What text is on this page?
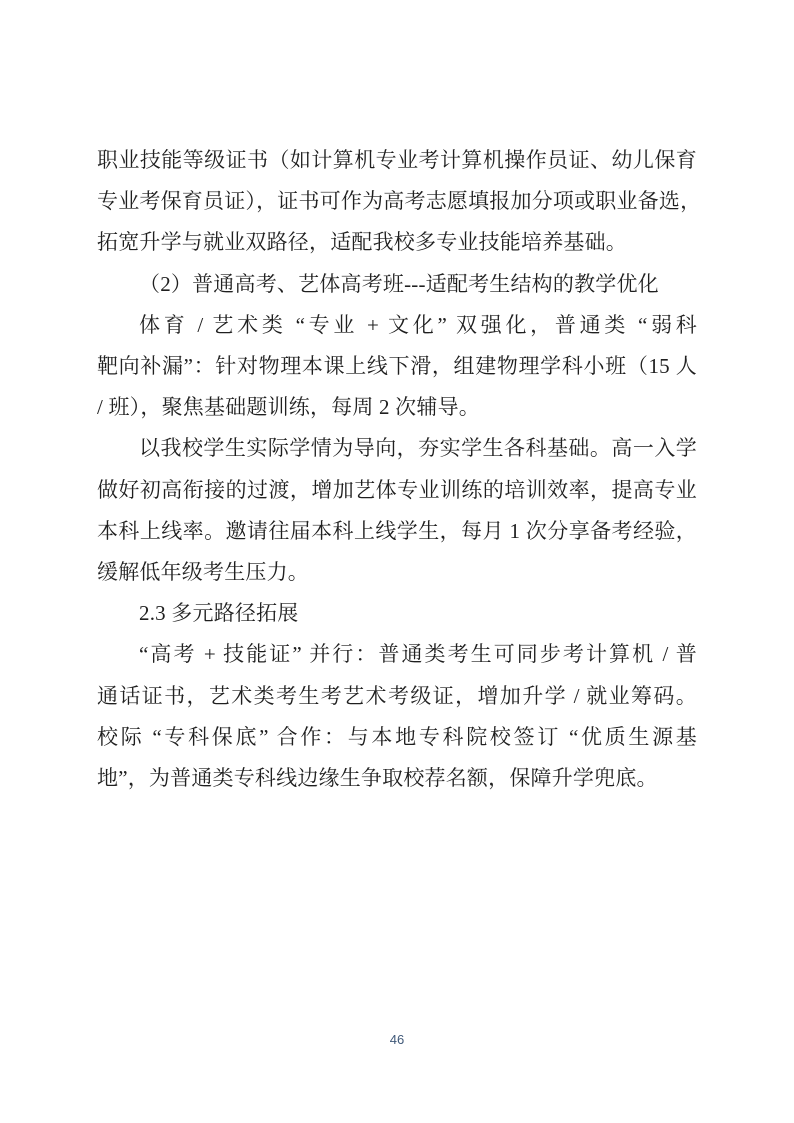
职业技能等级证书（如计算机专业考计算机操作员证、幼儿保育
专业考保育员证），证书可作为高考志愿填报加分项或职业备选，
拓宽升学与就业双路径，适配我校多专业技能培养基础。
（2）普通高考、艺体高考班---适配考生结构的教学优化
体育 / 艺术类 “专业 + 文化” 双强化，普通类 “弱科
靶向补漏”：针对物理本课上线下滑，组建物理学科小班（15 人
/ 班），聚焦基础题训练，每周 2 次辅导。
以我校学生实际学情为导向，夯实学生各科基础。高一入学
做好初高衔接的过渡，增加艺体专业训练的培训效率，提高专业
本科上线率。邀请往届本科上线学生，每月 1 次分享备考经验，
缓解低年级考生压力。
2.3 多元路径拓展
“高考 + 技能证” 并行：普通类考生可同步考计算机 / 普
通话证书，艺术类考生考艺术考级证，增加升学 / 就业筹码。
校际 “专科保底” 合作：与本地专科院校签订 “优质生源基
地”，为普通类专科线边缘生争取校荐名额，保障升学兜底。
46
